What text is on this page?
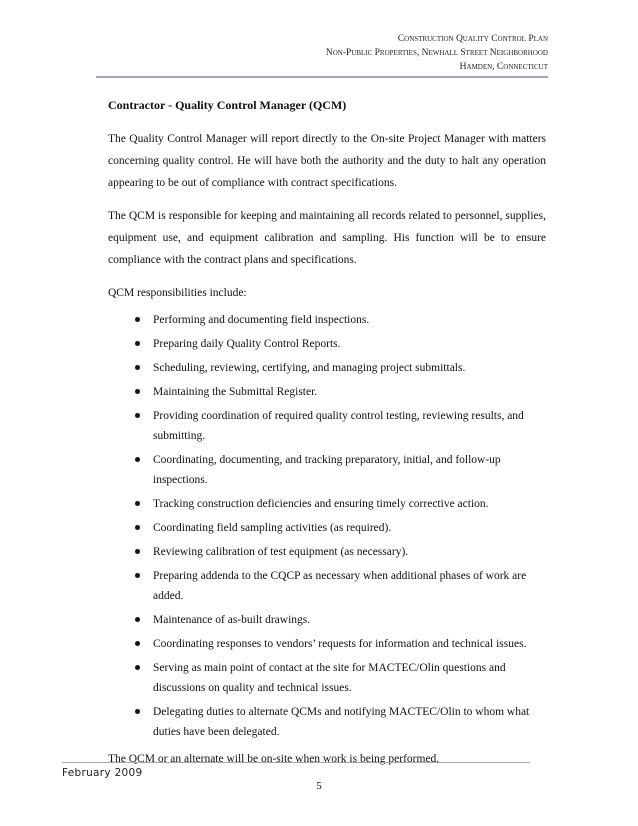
Construction Quality Control Plan
Non-Public Properties, Newhall Street Neighborhood
Hamden, Connecticut
Contractor - Quality Control Manager (QCM)

The Quality Control Manager will report directly to the On-site Project Manager with matters concerning quality control. He will have both the authority and the duty to halt any operation appearing to be out of compliance with contract specifications.

The QCM is responsible for keeping and maintaining all records related to personnel, supplies, equipment use, and equipment calibration and sampling. His function will be to ensure compliance with the contract plans and specifications.

QCM responsibilities include:

Performing and documenting field inspections.
Preparing daily Quality Control Reports.
Scheduling, reviewing, certifying, and managing project submittals.
Maintaining the Submittal Register.
Providing coordination of required quality control testing, reviewing results, and submitting.
Coordinating, documenting, and tracking preparatory, initial, and follow-up inspections.
Tracking construction deficiencies and ensuring timely corrective action.
Coordinating field sampling activities (as required).
Reviewing calibration of test equipment (as necessary).
Preparing addenda to the CQCP as necessary when additional phases of work are added.
Maintenance of as-built drawings.
Coordinating responses to vendors’ requests for information and technical issues.
Serving as main point of contact at the site for MACTEC/Olin questions and discussions on quality and technical issues.
Delegating duties to alternate QCMs and notifying MACTEC/Olin to whom what duties have been delegated.

The QCM or an alternate will be on-site when work is being performed.

February 2009
5
